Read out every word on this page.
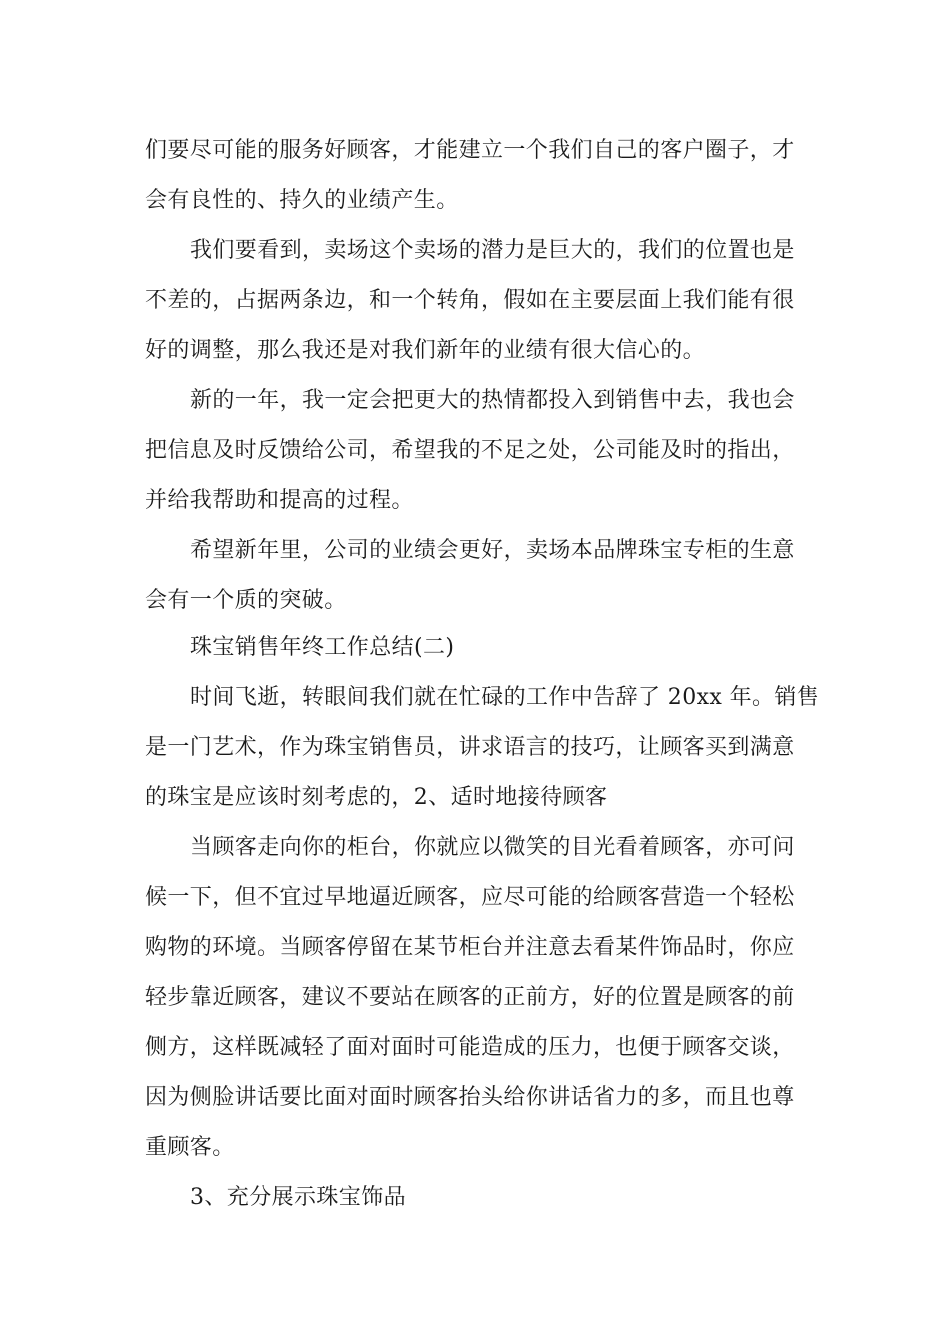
们要尽可能的服务好顾客，才能建立一个我们自己的客户圈子，才
会有良性的、持久的业绩产生。
我们要看到，卖场这个卖场的潜力是巨大的，我们的位置也是
不差的，占据两条边，和一个转角，假如在主要层面上我们能有很
好的调整，那么我还是对我们新年的业绩有很大信心的。
新的一年，我一定会把更大的热情都投入到销售中去，我也会
把信息及时反馈给公司，希望我的不足之处，公司能及时的指出，
并给我帮助和提高的过程。
希望新年里，公司的业绩会更好，卖场本品牌珠宝专柜的生意
会有一个质的突破。
珠宝销售年终工作总结(二)
时间飞逝，转眼间我们就在忙碌的工作中告辞了 20xx 年。销售
是一门艺术，作为珠宝销售员，讲求语言的技巧，让顾客买到满意
的珠宝是应该时刻考虑的，2、适时地接待顾客
当顾客走向你的柜台，你就应以微笑的目光看着顾客，亦可问
候一下，但不宜过早地逼近顾客，应尽可能的给顾客营造一个轻松
购物的环境。当顾客停留在某节柜台并注意去看某件饰品时，你应
轻步靠近顾客，建议不要站在顾客的正前方，好的位置是顾客的前
侧方，这样既减轻了面对面时可能造成的压力，也便于顾客交谈，
因为侧脸讲话要比面对面时顾客抬头给你讲话省力的多，而且也尊
重顾客。
3、充分展示珠宝饰品
